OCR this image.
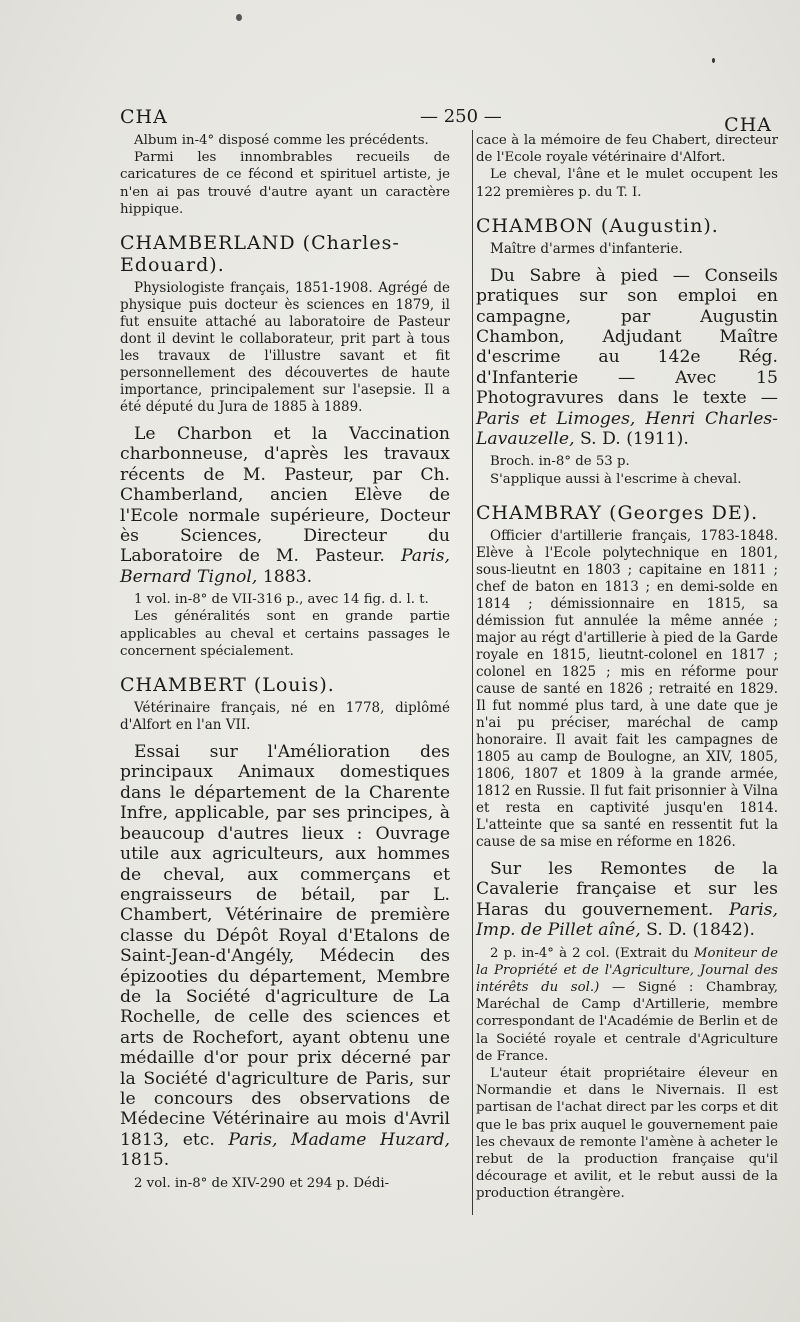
CHA	— 250 —	CHA

Album in-4° disposé comme les précédents.

Parmi les innombrables recueils de caricatures de ce fécond et spirituel artiste, je n'en ai pas trouvé d'autre ayant un caractère hippique.

CHAMBERLAND (Charles-Edouard).

Physiologiste français, 1851-1908. Agrégé de physique puis docteur ès sciences en 1879, il fut ensuite attaché au laboratoire de Pasteur dont il devint le collaborateur, prit part à tous les travaux de l'illustre savant et fit personnellement des découvertes de haute importance, principalement sur l'asepsie. Il a été député du Jura de 1885 à 1889.

Le Charbon et la Vaccination charbonneuse, d'après les travaux récents de M. Pasteur, par Ch. Chamberland, ancien Elève de l'Ecole normale supérieure, Docteur ès Sciences, Directeur du Laboratoire de M. Pasteur. Paris, Bernard Tignol, 1883.

1 vol. in-8° de VII-316 p., avec 14 fig. d. l. t.

Les généralités sont en grande partie applicables au cheval et certains passages le concernent spécialement.

CHAMBERT (Louis).

Vétérinaire français, né en 1778, diplômé d'Alfort en l'an VII.

Essai sur l'Amélioration des principaux Animaux domestiques dans le département de la Charente Infre, applicable, par ses principes, à beaucoup d'autres lieux : Ouvrage utile aux agriculteurs, aux hommes de cheval, aux commerçans et engraisseurs de bétail, par L. Chambert, Vétérinaire de première classe du Dépôt Royal d'Etalons de Saint-Jean-d'Angély, Médecin des épizooties du département, Membre de la Société d'agriculture de La Rochelle, de celle des sciences et arts de Rochefort, ayant obtenu une médaille d'or pour prix décerné par la Société d'agriculture de Paris, sur le concours des observations de Médecine Vétérinaire au mois d'Avril 1813, etc. Paris, Madame Huzard, 1815.

2 vol. in-8° de XIV-290 et 294 p. Dédi-

cace à la mémoire de feu Chabert, directeur de l'Ecole royale vétérinaire d'Alfort.

Le cheval, l'âne et le mulet occupent les 122 premières p. du T. I.

CHAMBON (Augustin).

Maître d'armes d'infanterie.

Du Sabre à pied — Conseils pratiques sur son emploi en campagne, par Augustin Chambon, Adjudant Maître d'escrime au 142e Rég. d'Infanterie — Avec 15 Photogravures dans le texte — Paris et Limoges, Henri Charles-Lavauzelle, S. D. (1911).

Broch. in-8° de 53 p.

S'applique aussi à l'escrime à cheval.

CHAMBRAY (Georges DE).

Officier d'artillerie français, 1783-1848. Elève à l'Ecole polytechnique en 1801, sous-lieutnt en 1803 ; capitaine en 1811 ; chef de baton en 1813 ; en demi-solde en 1814 ; démissionnaire en 1815, sa démission fut annulée la même année ; major au régt d'artillerie à pied de la Garde royale en 1815, lieutnt-colonel en 1817 ; colonel en 1825 ; mis en réforme pour cause de santé en 1826 ; retraité en 1829. Il fut nommé plus tard, à une date que je n'ai pu préciser, maréchal de camp honoraire. Il avait fait les campagnes de 1805 au camp de Boulogne, an XIV, 1805, 1806, 1807 et 1809 à la grande armée, 1812 en Russie. Il fut fait prisonnier à Vilna et resta en captivité jusqu'en 1814. L'atteinte que sa santé en ressentit fut la cause de sa mise en réforme en 1826.

Sur les Remontes de la Cavalerie française et sur les Haras du gouvernement. Paris, Imp. de Pillet aîné, S. D. (1842).

2 p. in-4° à 2 col. (Extrait du Moniteur de la Propriété et de l'Agriculture, Journal des intérêts du sol.) — Signé : Chambray, Maréchal de Camp d'Artillerie, membre correspondant de l'Académie de Berlin et de la Société royale et centrale d'Agriculture de France.

L'auteur était propriétaire éleveur en Normandie et dans le Nivernais. Il est partisan de l'achat direct par les corps et dit que le bas prix auquel le gouvernement paie les chevaux de remonte l'amène à acheter le rebut de la production française qu'il décourage et avilit, et le rebut aussi de la production étrangère.
